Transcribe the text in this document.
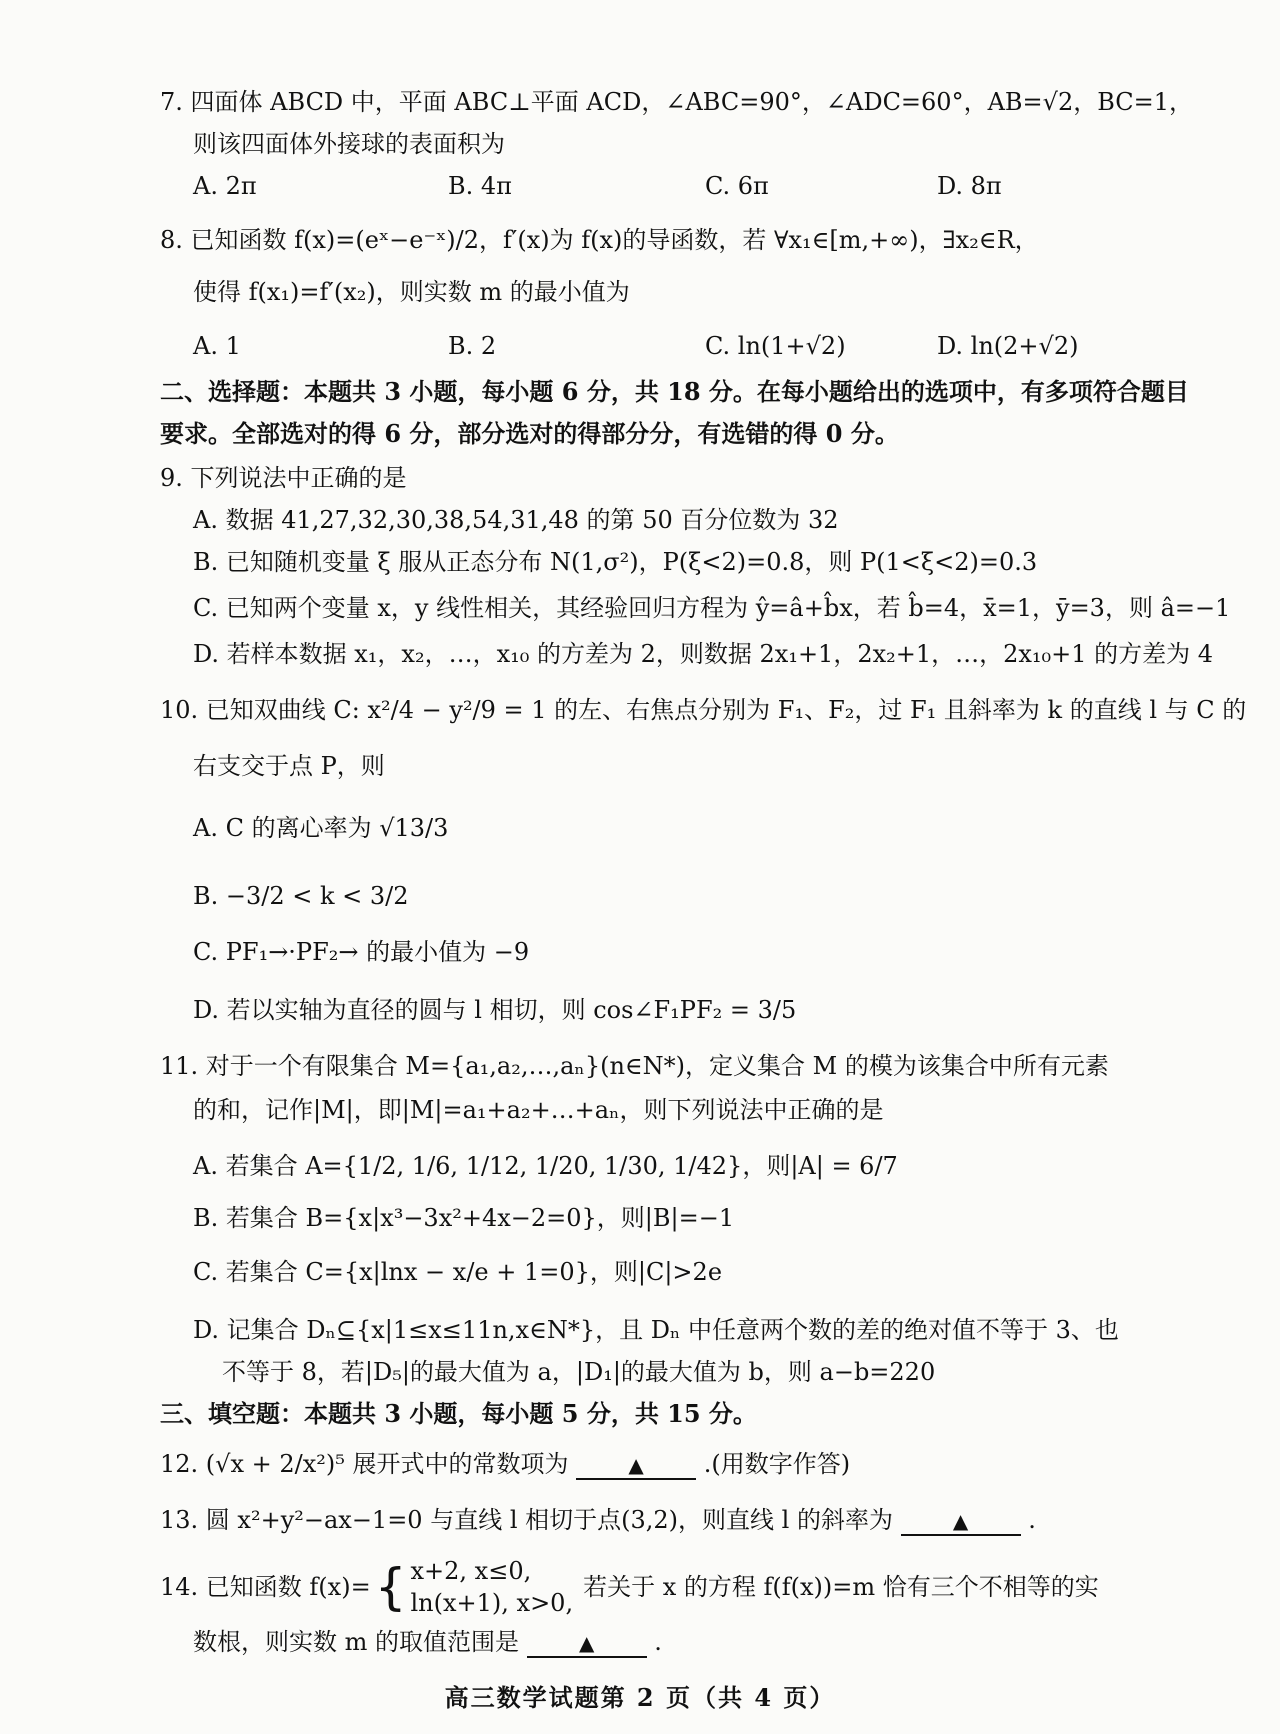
7. 四面体 ABCD 中，平面 ABC⊥平面 ACD，∠ABC=90°，∠ADC=60°，AB=√2，BC=1，
则该四面体外接球的表面积为
A. 2π	B. 4π	C. 6π	D. 8π
8. 已知函数 f(x)=(eˣ−e⁻ˣ)/2，f′(x)为 f(x)的导函数，若 ∀x₁∈[m,+∞)，∃x₂∈R，
使得 f(x₁)=f′(x₂)，则实数 m 的最小值为
A. 1	B. 2	C. ln(1+√2)	D. ln(2+√2)
二、选择题：本题共 3 小题，每小题 6 分，共 18 分。在每小题给出的选项中，有多项符合题目
要求。全部选对的得 6 分，部分选对的得部分分，有选错的得 0 分。
9. 下列说法中正确的是
A. 数据 41,27,32,30,38,54,31,48 的第 50 百分位数为 32
B. 已知随机变量 ξ 服从正态分布 N(1,σ²)，P(ξ<2)=0.8，则 P(1<ξ<2)=0.3
C. 已知两个变量 x，y 线性相关，其经验回归方程为 ŷ=â+b̂x，若 b̂=4，x̄=1，ȳ=3，则 â=−1
D. 若样本数据 x₁，x₂，…，x₁₀ 的方差为 2，则数据 2x₁+1，2x₂+1，…，2x₁₀+1 的方差为 4
10. 已知双曲线 C: x²/4 − y²/9 = 1 的左、右焦点分别为 F₁、F₂，过 F₁ 且斜率为 k 的直线 l 与 C 的
右支交于点 P，则
A. C 的离心率为 √13/3
B. −3/2 < k < 3/2
C. PF₁→·PF₂→ 的最小值为 −9
D. 若以实轴为直径的圆与 l 相切，则 cos∠F₁PF₂ = 3/5
11. 对于一个有限集合 M={a₁,a₂,…,aₙ}(n∈N*)，定义集合 M 的模为该集合中所有元素
的和，记作|M|，即|M|=a₁+a₂+…+aₙ，则下列说法中正确的是
A. 若集合 A={1/2, 1/6, 1/12, 1/20, 1/30, 1/42}，则|A| = 6/7
B. 若集合 B={x|x³−3x²+4x−2=0}，则|B|=−1
C. 若集合 C={x|lnx − x/e + 1=0}，则|C|>2e
D. 记集合 Dₙ⊆{x|1≤x≤11n,x∈N*}，且 Dₙ 中任意两个数的差的绝对值不等于 3、也
不等于 8，若|D₅|的最大值为 a，|D₁|的最大值为 b，则 a−b=220
三、填空题：本题共 3 小题，每小题 5 分，共 15 分。
12. (√x + 2/x²)⁵ 展开式中的常数项为	▲ .(用数字作答)
13. 圆 x²+y²−ax−1=0 与直线 l 相切于点(3,2)，则直线 l 的斜率为	▲ .
14. 已知函数 f(x)= { x+2, x≤0,
ln(x+1), x>0,
若关于 x 的方程 f(f(x))=m 恰有三个不相等的实
数根，则实数 m 的取值范围是	▲ .
高三数学试题第 2 页（共 4 页）
